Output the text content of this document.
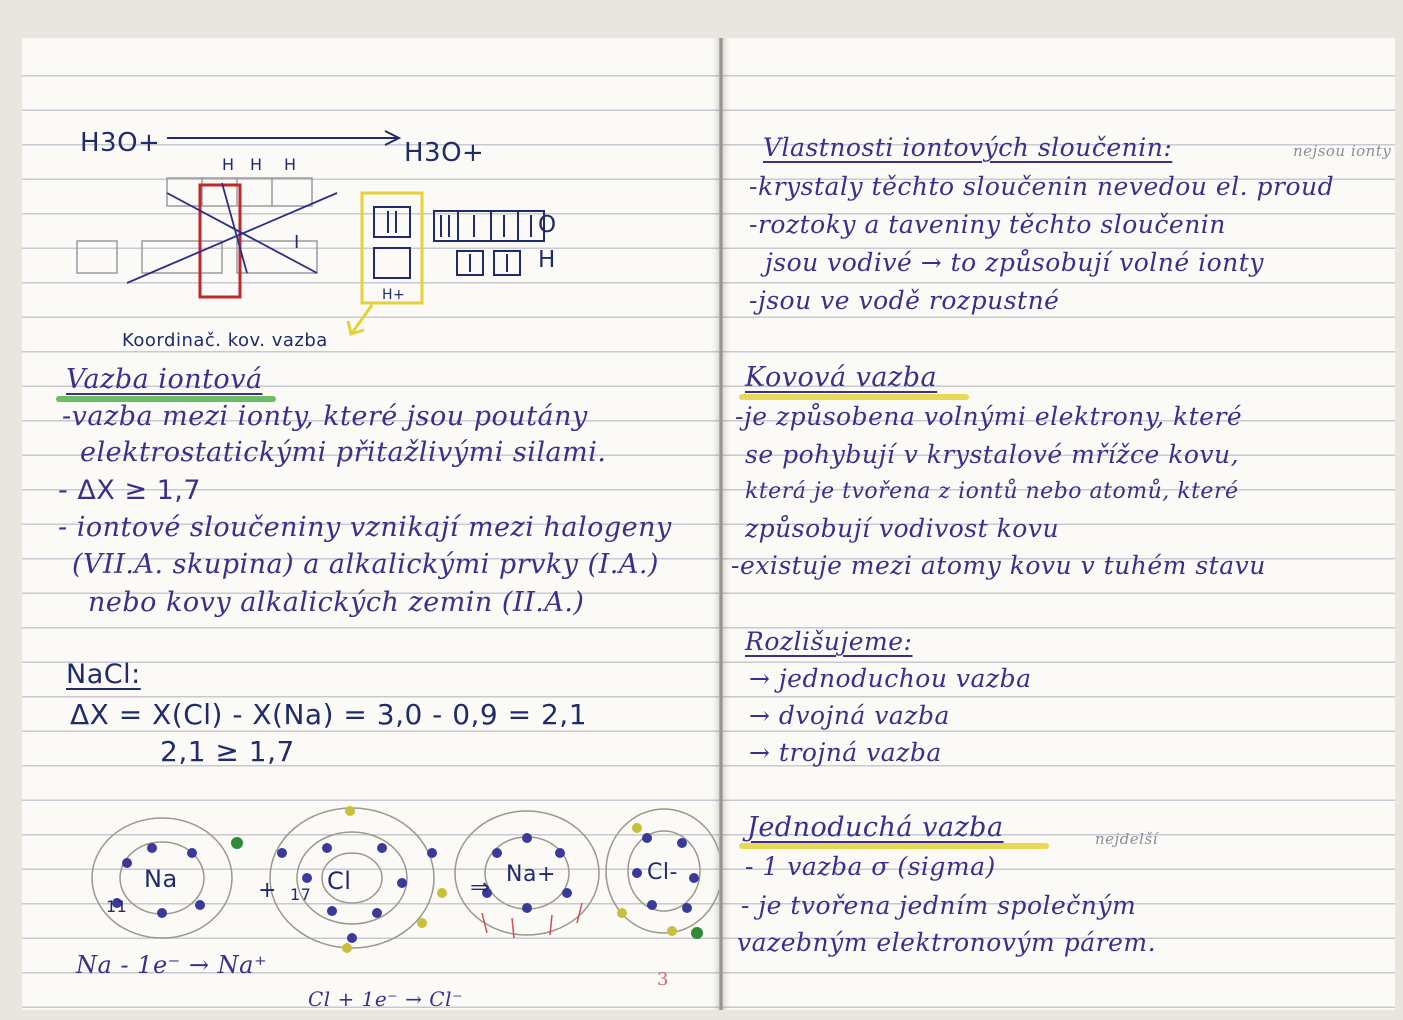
H3O+	H3O+
H H H
O
H
H+
I
Koordinač. kov. vazba
Vazba iontová
-vazba mezi ionty, které jsou poutány
elektrostatickými přitažlivými silami.
- ΔX ≥ 1,7
- iontové sloučeniny vznikají mezi halogeny
(VII.A. skupina) a alkalickými prvky (I.A.)
nebo kovy alkalických zemin (II.A.)
NaCl:
ΔX = X(Cl) - X(Na) = 3,0 - 0,9 = 2,1
2,1 ≥ 1,7
Na
11
+ Cl
17	⇒ Na+	Cl-
Na - 1e⁻ → Na⁺
Cl + 1e⁻ → Cl⁻
3
Vlastnosti iontových sloučenin:	nejsou ionty
-krystaly těchto sloučenin nevedou el. proud
-roztoky a taveniny těchto sloučenin
jsou vodivé → to způsobují volné ionty
-jsou ve vodě rozpustné
Kovová vazba
-je způsobena volnými elektrony, které
se pohybují v krystalové mřížce kovu,
která je tvořena z iontů nebo atomů, které
způsobují vodivost kovu
-existuje mezi atomy kovu v tuhém stavu
Rozlišujeme:
→ jednoduchou vazba
→ dvojná vazba
→ trojná vazba
Jednoduchá vazba	nejdelší
- 1 vazba σ (sigma)
- je tvořena jedním společným
vazebným elektronovým párem.
